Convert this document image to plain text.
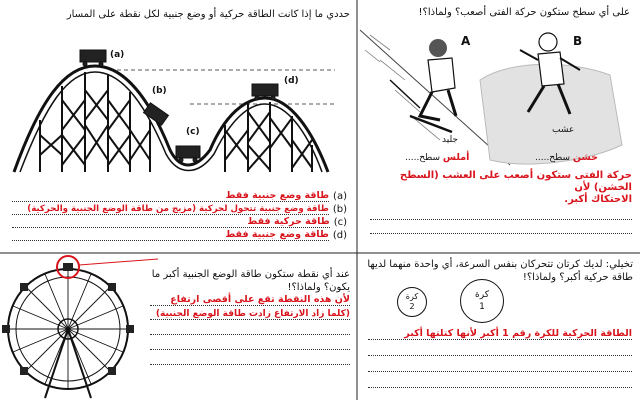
حددي ما إذا كانت الطاقة حركية أو وضع جنبية لكل نقطة على المسار
(a)
(b)
(c)
(d)
(a)
طاقة وضع جنبية فقط
(b)
طاقة وضع جنبية تتحول لحركية (مزيج من طاقة الوضع الجنبية والحركية)
(c)
طاقة حركية فقط
(d)
طاقة وضع جنبية فقط
على أي سطح ستكون حركة الفتى أصعب؟ ولماذا؟!
A	B
جليد
عشب
أملس سطح.....	خشن سطح.....
حركة الفتى ستكون أصعب على العشب (السطح الخشن) لأن
الاحتكاك أكبر.
عند أي نقطة ستكون طاقة الوضع الجنبية أكبر ما
يكون؟ ولماذا؟!
لأن هذه النقطة تقع على أقصى ارتفاع
(كلما زاد الارتفاع زادت طاقة الوضع الجنبية)
تخيلي: لديك كرتان تتحركان بنفس السرعة، أي واحدة منهما لديها
طاقة حركية أكبر؟ ولماذا؟!
كرة
2
كرة
1
الطاقة الحركية للكرة رقم 1 أكبر لأنها كتلتها أكبر
